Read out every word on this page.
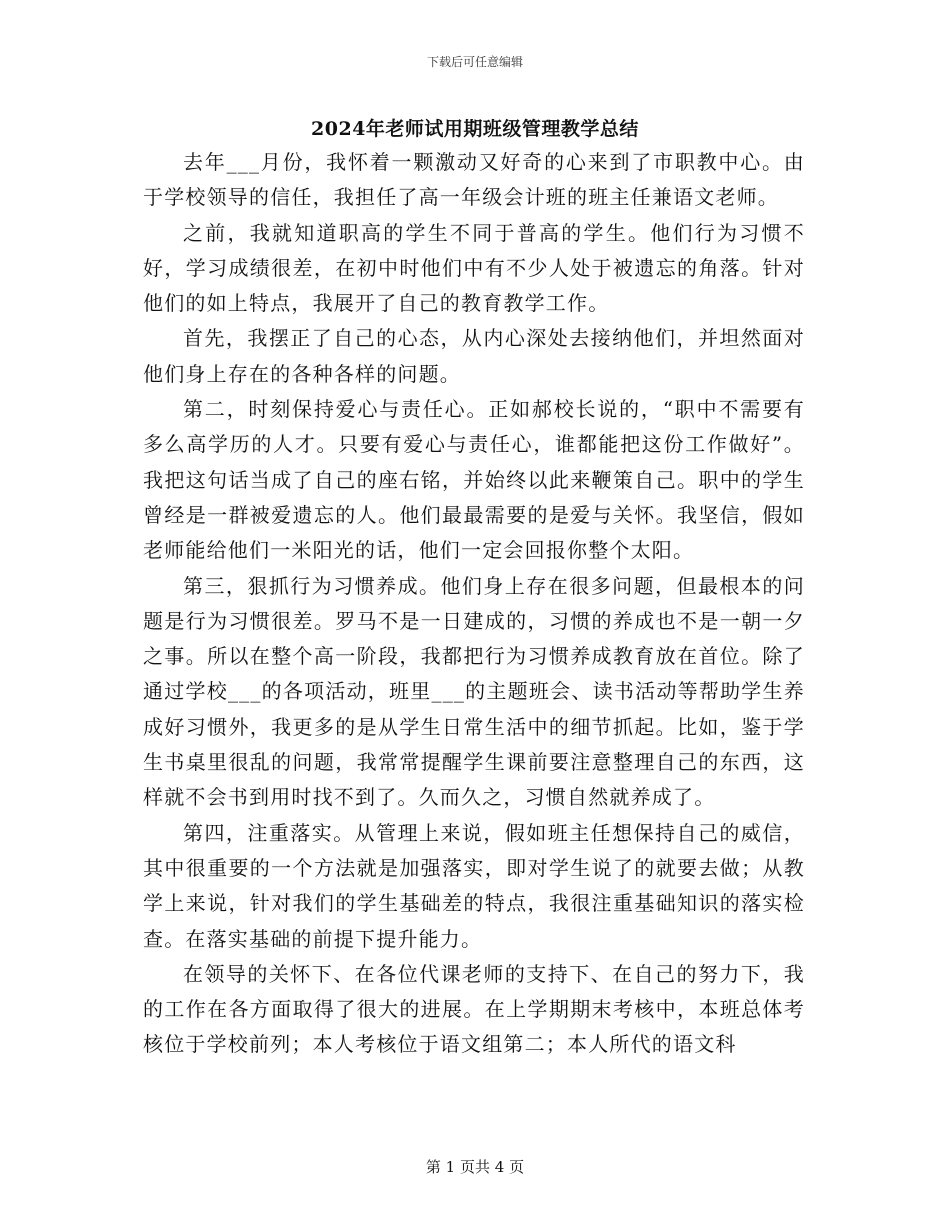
下载后可任意编辑
2024年老师试用期班级管理教学总结

去年___月份，我怀着一颗激动又好奇的心来到了市职教中心。由于学校领导的信任，我担任了高一年级会计班的班主任兼语文老师。

之前，我就知道职高的学生不同于普高的学生。他们行为习惯不好，学习成绩很差，在初中时他们中有不少人处于被遗忘的角落。针对他们的如上特点，我展开了自己的教育教学工作。

首先，我摆正了自己的心态，从内心深处去接纳他们，并坦然面对他们身上存在的各种各样的问题。

第二，时刻保持爱心与责任心。正如郝校长说的，“职中不需要有多么高学历的人才。只要有爱心与责任心，谁都能把这份工作做好”。我把这句话当成了自己的座右铭，并始终以此来鞭策自己。职中的学生曾经是一群被爱遗忘的人。他们最最需要的是爱与关怀。我坚信，假如老师能给他们一米阳光的话，他们一定会回报你整个太阳。

第三，狠抓行为习惯养成。他们身上存在很多问题，但最根本的问题是行为习惯很差。罗马不是一日建成的，习惯的养成也不是一朝一夕之事。所以在整个高一阶段，我都把行为习惯养成教育放在首位。除了通过学校___的各项活动，班里___的主题班会、读书活动等帮助学生养成好习惯外，我更多的是从学生日常生活中的细节抓起。比如，鉴于学生书桌里很乱的问题，我常常提醒学生课前要注意整理自己的东西，这样就不会书到用时找不到了。久而久之，习惯自然就养成了。

第四，注重落实。从管理上来说，假如班主任想保持自己的威信，其中很重要的一个方法就是加强落实，即对学生说了的就要去做；从教学上来说，针对我们的学生基础差的特点，我很注重基础知识的落实检查。在落实基础的前提下提升能力。

在领导的关怀下、在各位代课老师的支持下、在自己的努力下，我的工作在各方面取得了很大的进展。在上学期期末考核中，本班总体考核位于学校前列；本人考核位于语文组第二；本人所代的语文科

第 1 页共 4 页
